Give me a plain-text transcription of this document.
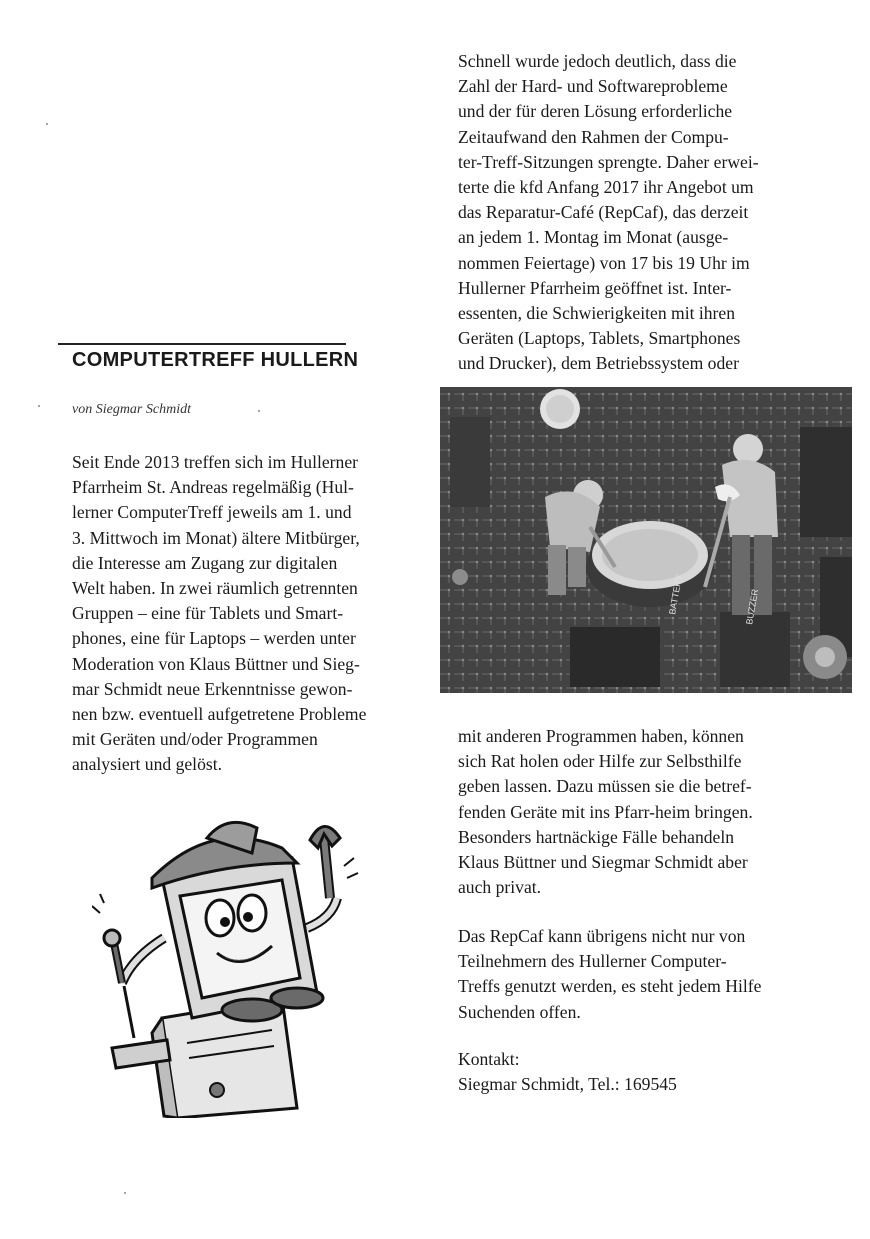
COMPUTERTREFF HULLERN
von Siegmar Schmidt

Seit Ende 2013 treffen sich im Hullerner
Pfarrheim St. Andreas regelmäßig (Hul-
lerner ComputerTreff jeweils am 1. und
3. Mittwoch im Monat) ältere Mitbürger,
die Interesse am Zugang zur digitalen
Welt haben. In zwei räumlich getrennten
Gruppen – eine für Tablets und Smart-
phones, eine für Laptops – werden unter
Moderation von Klaus Büttner und Sieg-
mar Schmidt neue Erkenntnisse gewon-
nen bzw. eventuell aufgetretene Probleme
mit Geräten und/oder Programmen
analysiert und gelöst.

Schnell wurde jedoch deutlich, dass die
Zahl der Hard- und Softwareprobleme
und der für deren Lösung erforderliche
Zeitaufwand den Rahmen der Compu-
ter-Treff-Sitzungen sprengte. Daher erwei-
terte die kfd Anfang 2017 ihr Angebot um
das Reparatur-Café (RepCaf), das derzeit
an jedem 1. Montag im Monat (ausge-
nommen Feiertage) von 17 bis 19 Uhr im
Hullerner Pfarrheim geöffnet ist. Inter-
essenten, die Schwierigkeiten mit ihren
Geräten (Laptops, Tablets, Smartphones
und Drucker), dem Betriebssystem oder

BATTERY	BUZZER

mit anderen Programmen haben, können
sich Rat holen oder Hilfe zur Selbsthilfe
geben lassen. Dazu müssen sie die betref-
fenden Geräte mit ins Pfarr-heim bringen.
Besonders hartnäckige Fälle behandeln
Klaus Büttner und Siegmar Schmidt aber
auch privat.

Das RepCaf kann übrigens nicht nur von
Teilnehmern des Hullerner Computer-
Treffs genutzt werden, es steht jedem Hilfe
Suchenden offen.

Kontakt:
Siegmar Schmidt, Tel.: 169545
